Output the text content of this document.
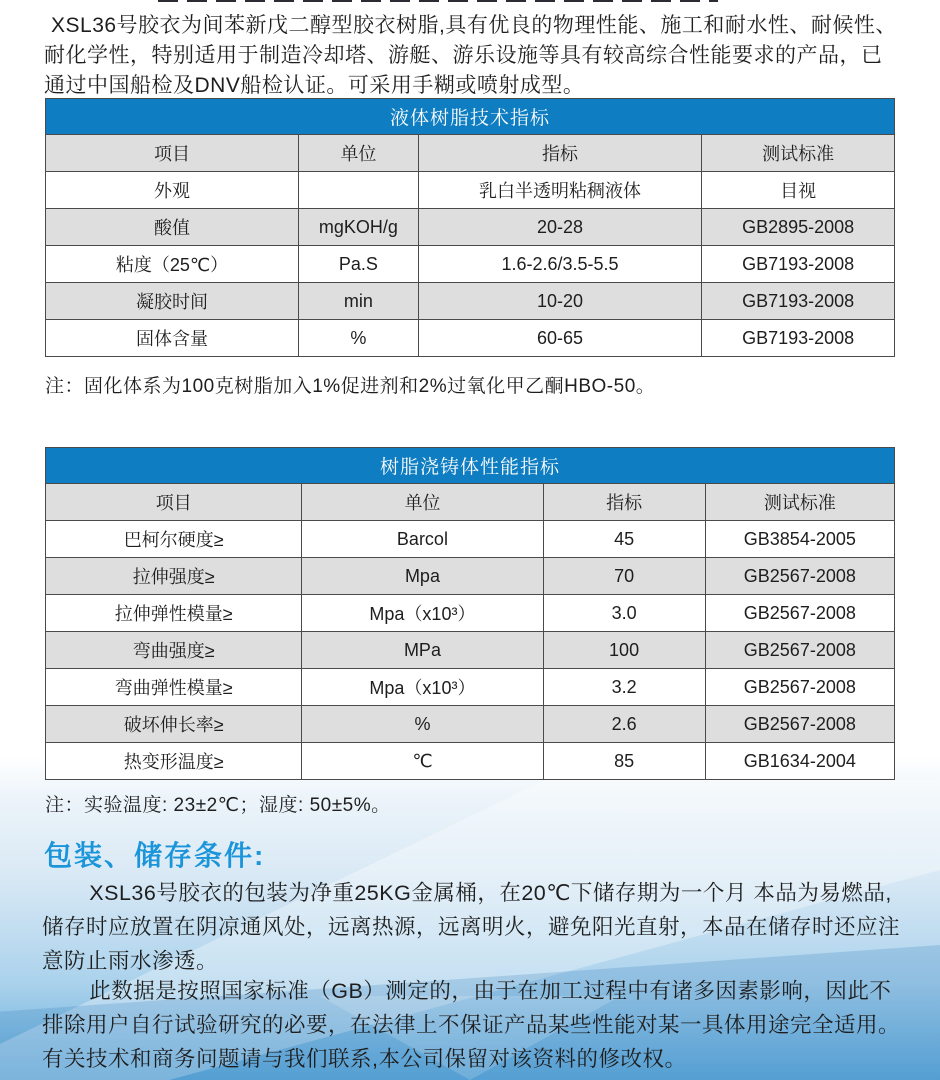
XSL36号胶衣为间苯新戊二醇型胶衣树脂,具有优良的物理性能、施工和耐水性、耐候性、耐化学性，特别适用于制造冷却塔、游艇、游乐设施等具有较高综合性能要求的产品，已通过中国船检及DNV船检认证。可采用手糊或喷射成型。
液体树脂技术指标
项目	单位	指标	测试标准
外观		乳白半透明粘稠液体	目视
酸值	mgKOH/g	20-28	GB2895-2008
粘度（25℃）	Pa.S	1.6-2.6/3.5-5.5	GB7193-2008
凝胶时间	min	10-20	GB7193-2008
固体含量	%	60-65	GB7193-2008
注：固化体系为100克树脂加入1%促进剂和2%过氧化甲乙酮HBO-50。
树脂浇铸体性能指标
项目	单位	指标	测试标准
巴柯尔硬度≥	Barcol	45	GB3854-2005
拉伸强度≥	Mpa	70	GB2567-2008
拉伸弹性模量≥	Mpa（x10³）	3.0	GB2567-2008
弯曲强度≥	MPa	100	GB2567-2008
弯曲弹性模量≥	Mpa（x10³）	3.2	GB2567-2008
破坏伸长率≥	%	2.6	GB2567-2008
热变形温度≥	℃	85	GB1634-2004
注：实验温度: 23±2℃；湿度: 50±5%。
包装、储存条件:
XSL36号胶衣的包装为净重25KG金属桶，在20℃下储存期为一个月 本品为易燃品,储存时应放置在阴凉通风处，远离热源，远离明火，避免阳光直射，本品在储存时还应注意防止雨水渗透。
此数据是按照国家标准（GB）测定的，由于在加工过程中有诸多因素影响，因此不排除用户自行试验研究的必要，在法律上不保证产品某些性能对某一具体用途完全适用。有关技术和商务问题请与我们联系,本公司保留对该资料的修改权。
